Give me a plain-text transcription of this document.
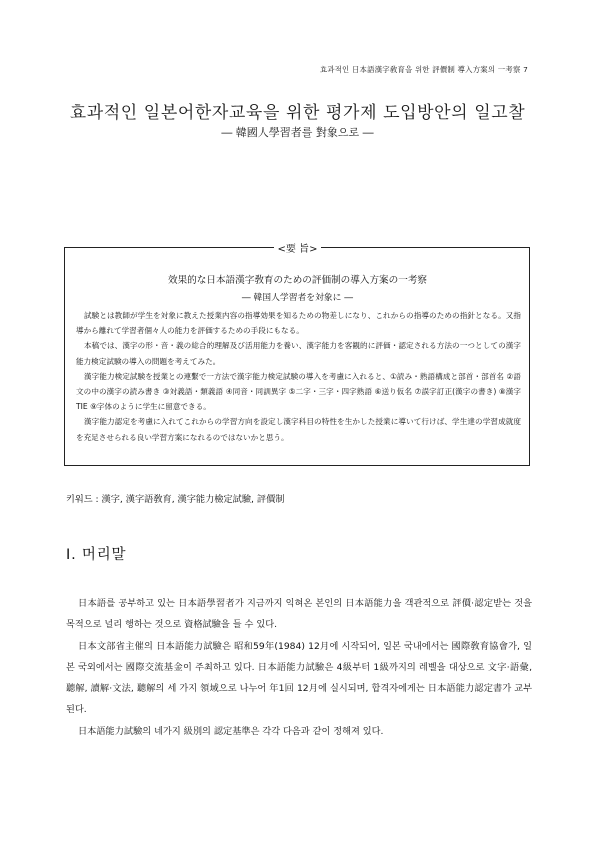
효과적인 日本語漢字敎育을 위한 評價制 導入方案의 一考察 7
효과적인 일본어한자교육을 위한 평가제 도입방안의 일고찰
― 韓國人學習者를 對象으로 ―
<要 旨>
效果的な日本語漢字敎育のための評価制の導入方案の一考察
― 韓国人学習者を対象に ―

試験とは教師が学生を対象に教えた授業内容の指導効果を知るための物差しになり、これからの指導のための指針となる。又指導から離れて学習者個々人の能力を評価するための手段にもなる。

本稿では、漢字の形・音・義の総合的理解及び活用能力を養い、漢字能力を客観的に評価・認定される方法の一つとしての漢字能力検定試験の導入の問題を考えてみた。

漢字能力検定試験を授業との連繫で一方法で漢字能力検定試験の導入を考慮に入れると、①読み・熟語構成と部首・部首名 ②語文の中の漢字の読み書き ③対義語・類義語 ④同音・同訓異字 ⑤二字・三字・四字熟語 ⑥送り仮名 ⑦誤字訂正(漢字の書き) ⑧漢字TIE ⑨字体のように学生に留意できる。

漢字能力認定を考慮に入れてこれからの学習方向を設定し漢字科目の特性を生かした授業に導いて行けば、学生達の学習成就度を充足させられる良い学習方案になれるのではないかと思う。

키워드 : 漢字, 漢字語敎育, 漢字能力檢定試驗, 評價制
Ⅰ. 머리말

日本語를 공부하고 있는 日本語學習者가 지금까지 익혀온 본인의 日本語能力을 객관적으로 評價·認定받는 것을 목적으로 널리 행하는 것으로 資格試驗을 들 수 있다.

日本文部省主催의 日本語能力試驗은 昭和59年(1984) 12月에 시작되어, 일본 국내에서는 國際敎育協會가, 일본 국외에서는 國際交流基金이 주최하고 있다. 日本語能力試驗은 4級부터 1級까지의 레벨을 대상으로 文字·語彙, 聽解, 讀解·文法, 聽解의 세 가지 領域으로 나누어 年1回 12月에 실시되며, 합격자에게는 日本語能力認定書가 교부된다.

日本語能力試驗의 네가지 級別의 認定基準은 각각 다음과 같이 정해져 있다.
